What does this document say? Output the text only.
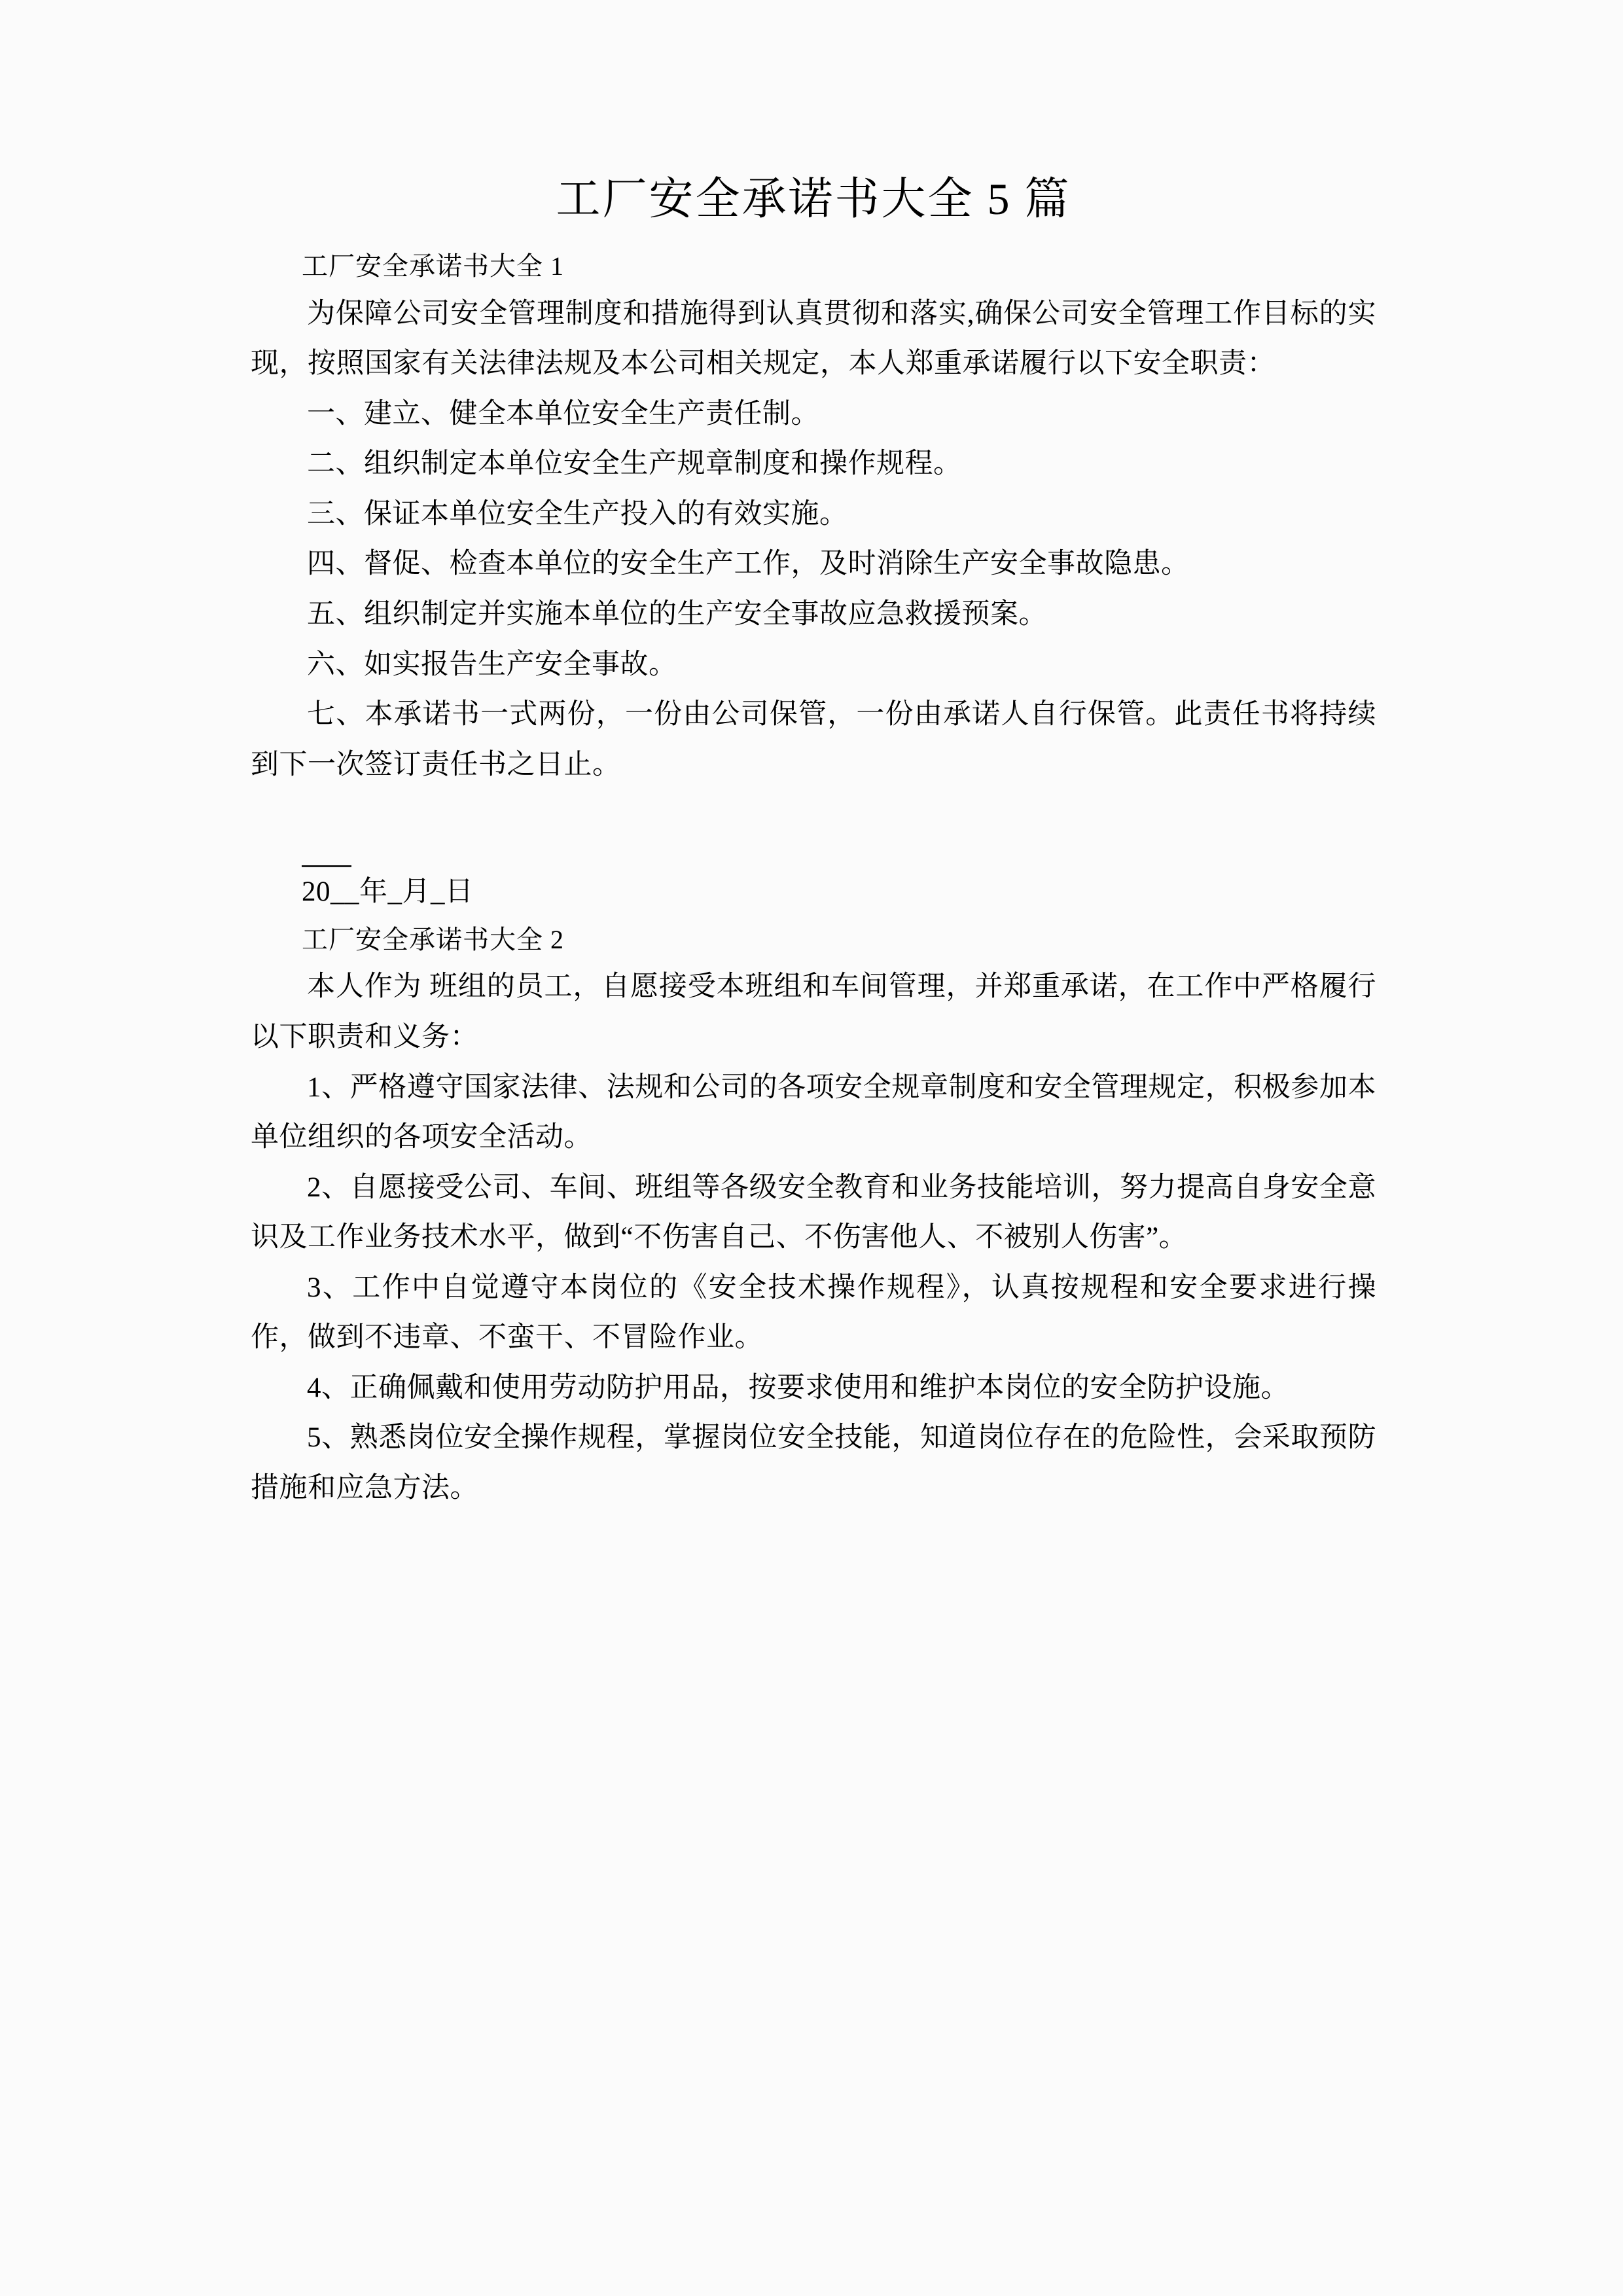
工厂安全承诺书大全 5 篇

工厂安全承诺书大全 1

为保障公司安全管理制度和措施得到认真贯彻和落实,确保公司安全管理工作目标的实现，按照国家有关法律法规及本公司相关规定，本人郑重承诺履行以下安全职责：

一、建立、健全本单位安全生产责任制。

二、组织制定本单位安全生产规章制度和操作规程。

三、保证本单位安全生产投入的有效实施。

四、督促、检查本单位的安全生产工作，及时消除生产安全事故隐患。

五、组织制定并实施本单位的生产安全事故应急救援预案。

六、如实报告生产安全事故。

七、本承诺书一式两份，一份由公司保管，一份由承诺人自行保管。此责任书将持续到下一次签订责任书之日止。

20__年_月_日

工厂安全承诺书大全 2

本人作为 班组的员工，自愿接受本班组和车间管理，并郑重承诺，在工作中严格履行以下职责和义务：

1、严格遵守国家法律、法规和公司的各项安全规章制度和安全管理规定，积极参加本单位组织的各项安全活动。

2、自愿接受公司、车间、班组等各级安全教育和业务技能培训，努力提高自身安全意识及工作业务技术水平，做到“不伤害自己、不伤害他人、不被别人伤害”。

3、工作中自觉遵守本岗位的《安全技术操作规程》，认真按规程和安全要求进行操作，做到不违章、不蛮干、不冒险作业。

4、正确佩戴和使用劳动防护用品，按要求使用和维护本岗位的安全防护设施。

5、熟悉岗位安全操作规程，掌握岗位安全技能，知道岗位存在的危险性，会采取预防措施和应急方法。
